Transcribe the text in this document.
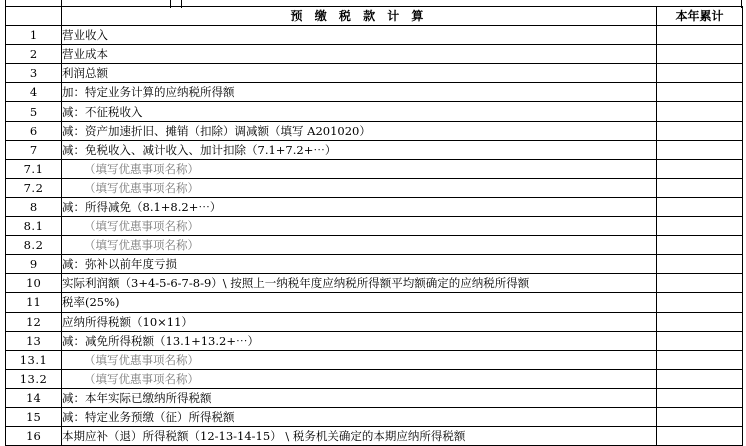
	预 缴 税 款 计 算	本年累计
1	营业收入	
2	营业成本	
3	利润总额	
4	加：特定业务计算的应纳税所得额	
5	减：不征税收入	
6	减：资产加速折旧、摊销（扣除）调减额（填写 A201020）	
7	减：免税收入、减计收入、加计扣除（7.1+7.2+⋯）	
7.1	（填写优惠事项名称）	
7.2	（填写优惠事项名称）	
8	减：所得减免（8.1+8.2+⋯）	
8.1	（填写优惠事项名称）	
8.2	（填写优惠事项名称）	
9	减：弥补以前年度亏损	
10	实际利润额（3+4-5-6-7-8-9）\ 按照上一纳税年度应纳税所得额平均额确定的应纳税所得额	
11	税率(25%)	
12	应纳所得税额（10×11）	
13	减：减免所得税额（13.1+13.2+⋯）	
13.1	（填写优惠事项名称）	
13.2	（填写优惠事项名称）	
14	减：本年实际已缴纳所得税额	
15	减：特定业务预缴（征）所得税额	
16	本期应补（退）所得税额（12-13-14-15） \ 税务机关确定的本期应纳所得税额	
